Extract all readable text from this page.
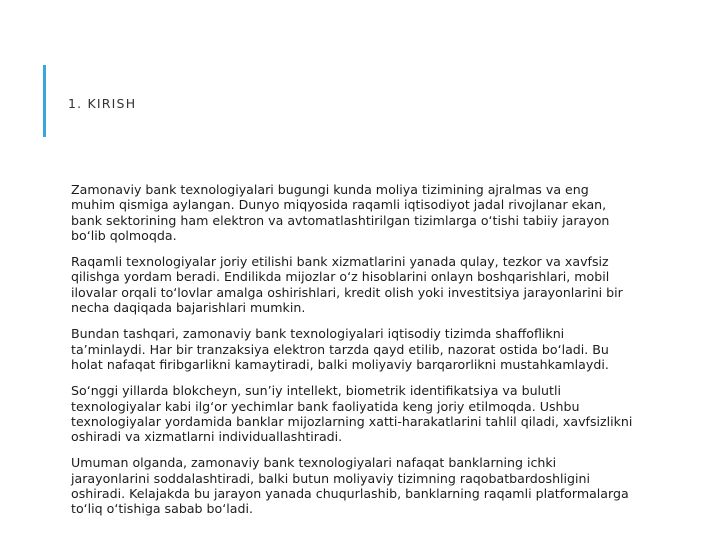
1. KIRISH

Zamonaviy bank texnologiyalari bugungi kunda moliya tizimining ajralmas va eng muhim qismiga aylangan. Dunyo miqyosida raqamli iqtisodiyot jadal rivojlanar ekan, bank sektorining ham elektron va avtomatlashtirilgan tizimlarga o‘tishi tabiiy jarayon bo‘lib qolmoqda.

Raqamli texnologiyalar joriy etilishi bank xizmatlarini yanada qulay, tezkor va xavfsiz qilishga yordam beradi. Endilikda mijozlar o‘z hisoblarini onlayn boshqarishlari, mobil ilovalar orqali to‘lovlar amalga oshirishlari, kredit olish yoki investitsiya jarayonlarini bir necha daqiqada bajarishlari mumkin.

Bundan tashqari, zamonaviy bank texnologiyalari iqtisodiy tizimda shaffoflikni ta’minlaydi. Har bir tranzaksiya elektron tarzda qayd etilib, nazorat ostida bo‘ladi. Bu holat nafaqat firibgarlikni kamaytiradi, balki moliyaviy barqarorlikni mustahkamlaydi.

So‘nggi yillarda blokcheyn, sun’iy intellekt, biometrik identifikatsiya va bulutli texnologiyalar kabi ilg‘or yechimlar bank faoliyatida keng joriy etilmoqda. Ushbu texnologiyalar yordamida banklar mijozlarning xatti-harakatlarini tahlil qiladi, xavfsizlikni oshiradi va xizmatlarni individuallashtiradi.

Umuman olganda, zamonaviy bank texnologiyalari nafaqat banklarning ichki jarayonlarini soddalashtiradi, balki butun moliyaviy tizimning raqobatbardoshligini oshiradi. Kelajakda bu jarayon yanada chuqurlashib, banklarning raqamli platformalarga to‘liq o‘tishiga sabab bo‘ladi.
